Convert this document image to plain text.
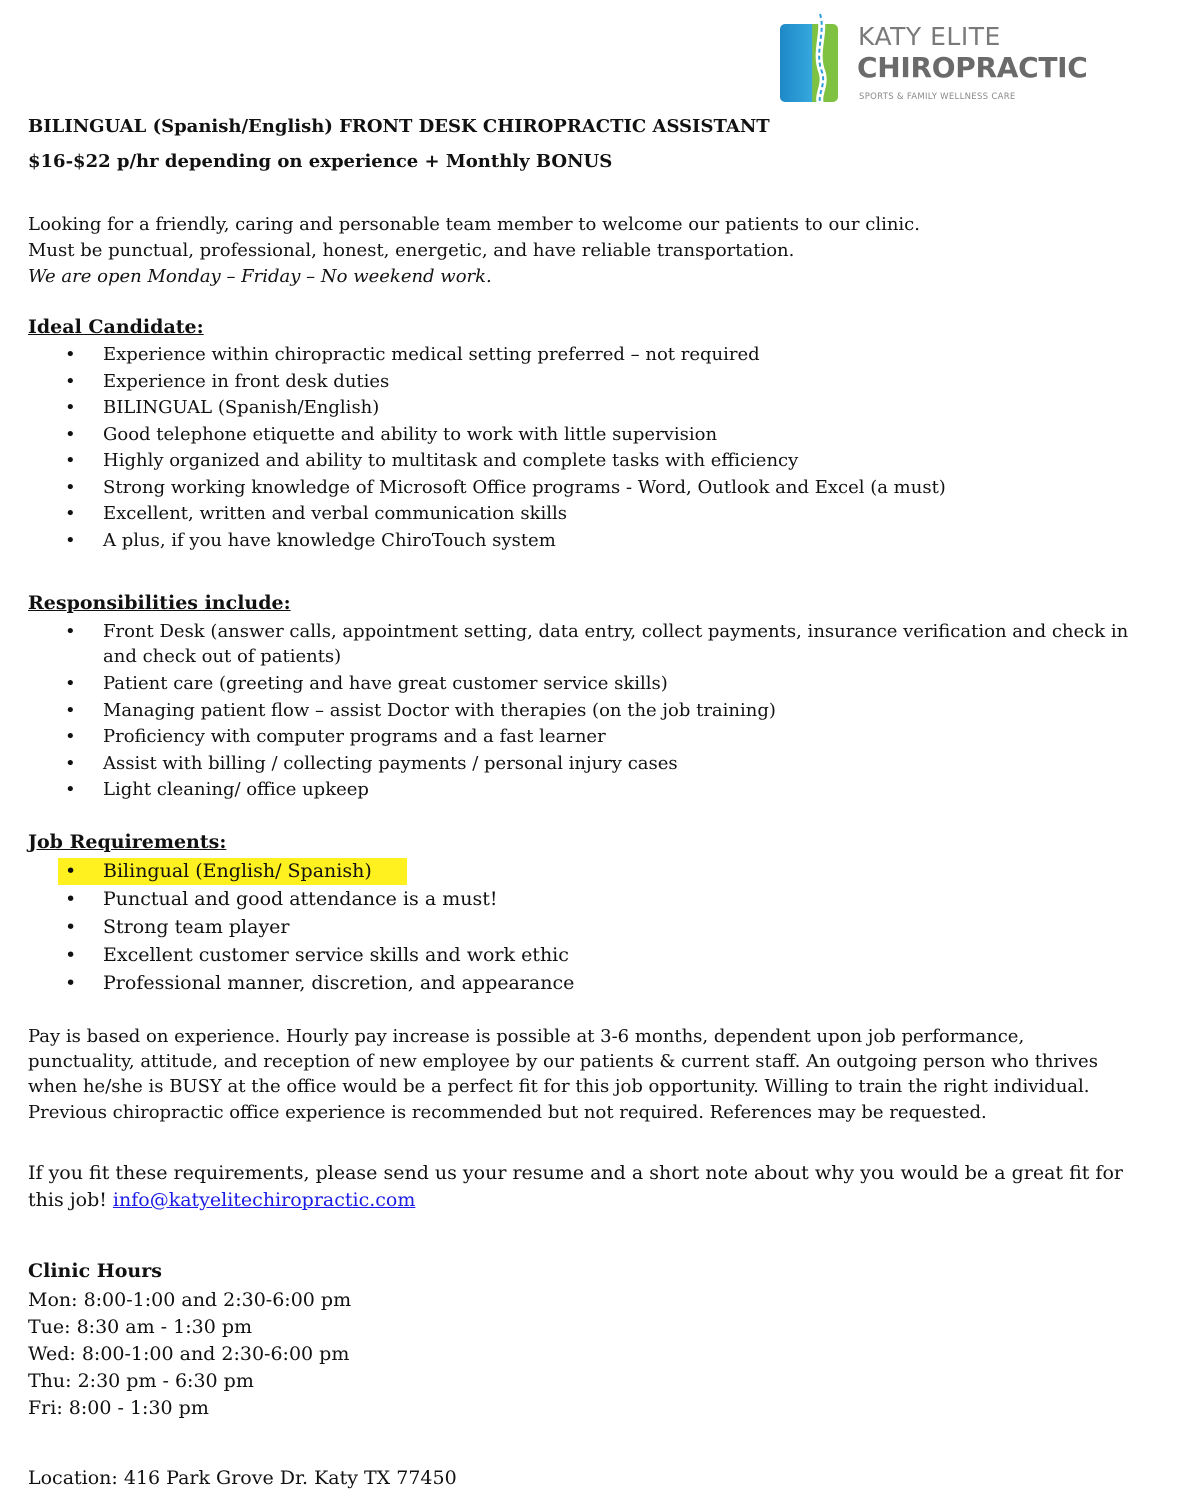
KATY ELITE
CHIROPRACTIC
SPORTS & FAMILY WELLNESS CARE
BILINGUAL (Spanish/English) FRONT DESK CHIROPRACTIC ASSISTANT
$16-$22 p/hr depending on experience + Monthly BONUS
Looking for a friendly, caring and personable team member to welcome our patients to our clinic.
Must be punctual, professional, honest, energetic, and have reliable transportation.
We are open Monday – Friday – No weekend work.
Ideal Candidate:
• Experience within chiropractic medical setting preferred – not required
• Experience in front desk duties
• BILINGUAL (Spanish/English)
• Good telephone etiquette and ability to work with little supervision
• Highly organized and ability to multitask and complete tasks with efficiency
• Strong working knowledge of Microsoft Office programs - Word, Outlook and Excel (a must)
• Excellent, written and verbal communication skills
• A plus, if you have knowledge ChiroTouch system
Responsibilities include:
• Front Desk (answer calls, appointment setting, data entry, collect payments, insurance verification and check in
and check out of patients)
• Patient care (greeting and have great customer service skills)
• Managing patient flow – assist Doctor with therapies (on the job training)
• Proficiency with computer programs and a fast learner
• Assist with billing / collecting payments / personal injury cases
• Light cleaning/ office upkeep
Job Requirements:
• Bilingual (English/ Spanish)
• Punctual and good attendance is a must!
• Strong team player
• Excellent customer service skills and work ethic
• Professional manner, discretion, and appearance
Pay is based on experience. Hourly pay increase is possible at 3-6 months, dependent upon job performance,
punctuality, attitude, and reception of new employee by our patients & current staff. An outgoing person who thrives
when he/she is BUSY at the office would be a perfect fit for this job opportunity. Willing to train the right individual.
Previous chiropractic office experience is recommended but not required. References may be requested.
If you fit these requirements, please send us your resume and a short note about why you would be a great fit for
this job! info@katyelitechiropractic.com
Clinic Hours
Mon: 8:00-1:00 and 2:30-6:00 pm
Tue: 8:30 am - 1:30 pm
Wed: 8:00-1:00 and 2:30-6:00 pm
Thu: 2:30 pm - 6:30 pm
Fri: 8:00 - 1:30 pm
Location: 416 Park Grove Dr. Katy TX 77450
